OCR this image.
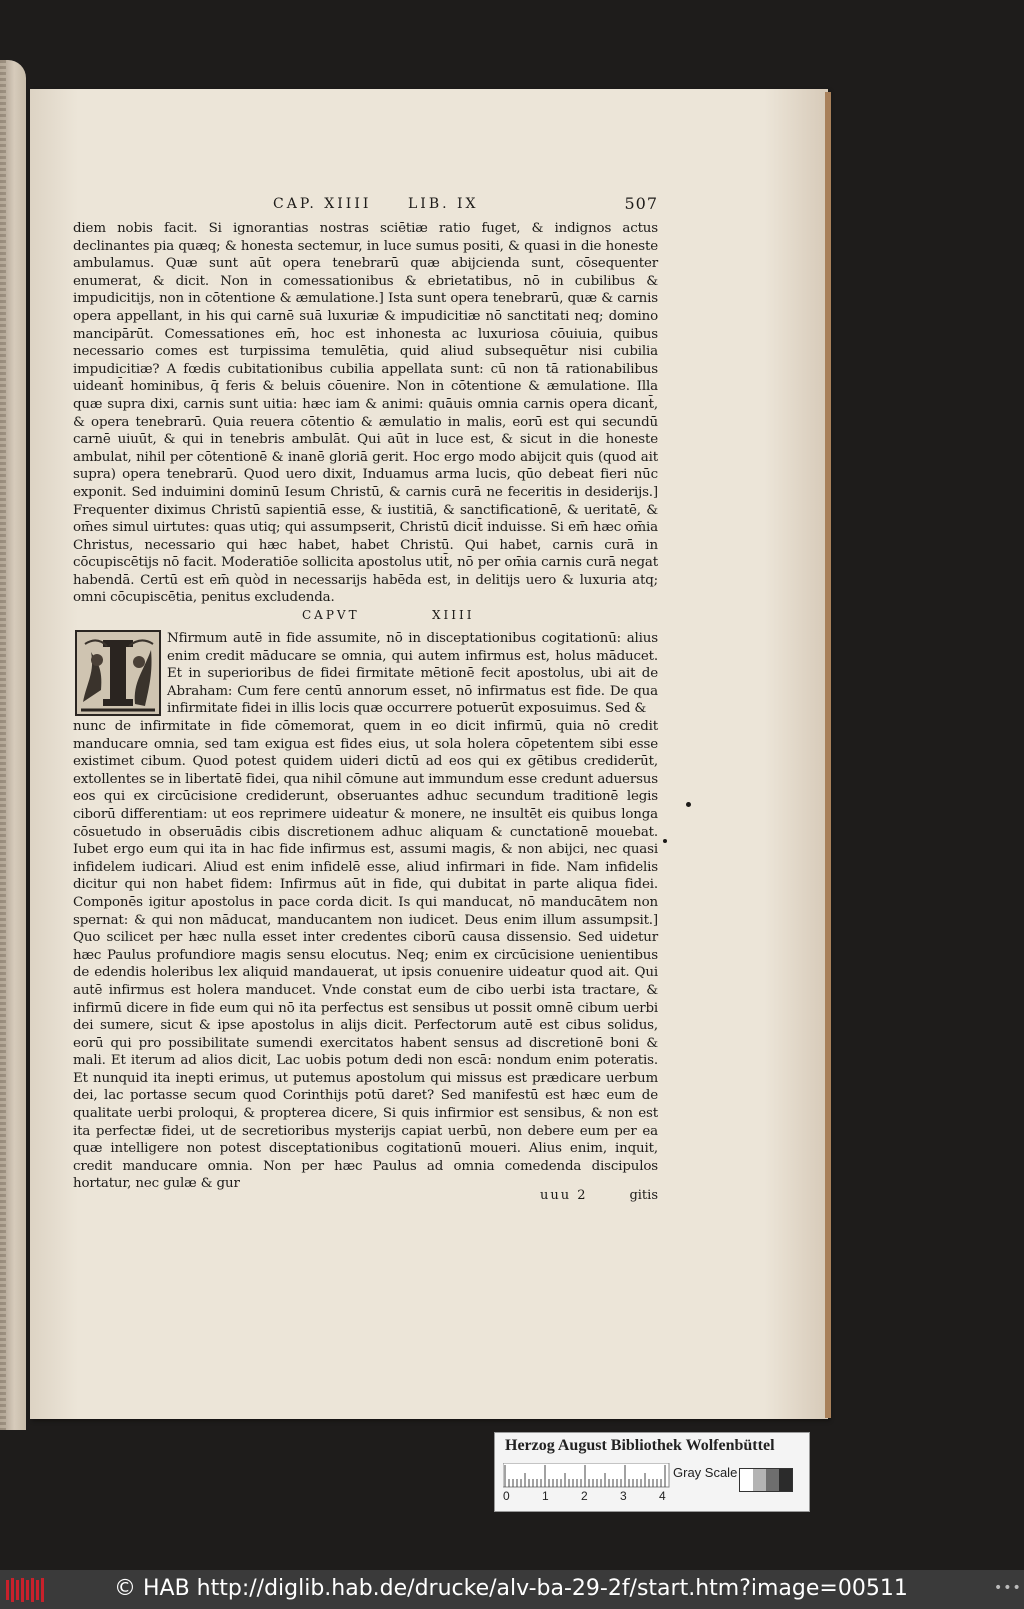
CAP. XIIII	LIB. IX	507
diem nobis facit. Si ignorantias nostras sciētiæ ratio fuget, & indignos actus declinantes pia quæq; & honesta sectemur, in luce sumus positi, & quasi in die honeste ambulamus. Quæ sunt aūt opera tenebrarū quæ abijcienda sunt, cōsequenter enumerat, & dicit. Non in comessationibus & ebrietatibus, nō in cubilibus & impudicitijs, non in cōtentione & æmulatione.] Ista sunt opera tenebrarū, quæ & carnis opera appellant, in his qui carnē suā luxuriæ & impudicitiæ nō sanctitati neq; domino mancipārūt. Comessationes em̄, hoc est inhonesta ac luxuriosa cōuiuia, quibus necessario comes est turpissima temulētia, quid aliud subsequētur nisi cubilia impudicitiæ? A fœdis cubitationibus cubilia appellata sunt: cū non tā rationabilibus uideant̄ hominibus, q̄ feris & beluis cōuenire. Non in cōtentione & æmulatione. Illa quæ supra dixi, carnis sunt uitia: hæc iam & animi: quāuis omnia carnis opera dicant̄, & opera tenebrarū. Quia reuera cōtentio & æmulatio in malis, eorū est qui secundū carnē uiuūt, & qui in tenebris ambulāt. Qui aūt in luce est, & sicut in die honeste ambulat, nihil per cōtentionē & inanē gloriā gerit. Hoc ergo modo abijcit quis (quod ait supra) opera tenebrarū. Quod uero dixit, Induamus arma lucis, qūo debeat fieri nūc exponit. Sed induimini dominū Iesum Christū, & carnis curā ne feceritis in desiderijs.] Frequenter diximus Christū sapientiā esse, & iustitiā, & sanctificationē, & ueritatē, & om̄es simul uirtutes: quas utiq; qui assumpserit, Christū dicit̄ induisse. Si em̄ hæc om̄ia Christus, necessario qui hæc habet, habet Christū. Qui habet, carnis curā in cōcupiscētijs nō facit. Moderatiōe sollicita apostolus utit̄, nō per om̄ia carnis curā negat habendā. Certū est em̄ quòd in necessarijs habēda est, in delitijs uero & luxuria atq; omni cōcupiscētia, penitus excludenda.
CAPVT	XIIII
Nfirmum autē in fide assumite, nō in disceptationibus cogitationū: alius enim credit māducare se omnia, qui autem infirmus est, holus māducet. Et in superioribus de fidei firmitate mētionē fecit apostolus, ubi ait de Abraham: Cum fere centū annorum esset, nō infirmatus est fide. De qua infirmitate fidei in illis locis quæ occurrere potuerūt exposuimus. Sed &
nunc de infirmitate in fide cōmemorat, quem in eo dicit infirmū, quia nō credit manducare omnia, sed tam exigua est fides eius, ut sola holera cōpetentem sibi esse existimet cibum. Quod potest quidem uideri dictū ad eos qui ex gētibus crediderūt, extollentes se in libertatē fidei, qua nihil cōmune aut immundum esse credunt aduersus eos qui ex circūcisione crediderunt, obseruantes adhuc secundum traditionē legis ciborū differentiam: ut eos reprimere uideatur & monere, ne insultēt eis quibus longa cōsuetudo in obseruādis cibis discretionem adhuc aliquam & cunctationē mouebat. Iubet ergo eum qui ita in hac fide infirmus est, assumi magis, & non abijci, nec quasi infidelem iudicari. Aliud est enim infidelē esse, aliud infirmari in fide. Nam infidelis dicitur qui non habet fidem: Infirmus aūt in fide, qui dubitat in parte aliqua fidei. Componēs igitur apostolus in pace corda dicit. Is qui manducat, nō manducātem non spernat: & qui non māducat, manducantem non iudicet. Deus enim illum assumpsit.] Quo scilicet per hæc nulla esset inter credentes ciborū causa dissensio. Sed uidetur hæc Paulus profundiore magis sensu elocutus. Neq; enim ex circūcisione uenientibus de edendis holeribus lex aliquid mandauerat, ut ipsis conuenire uideatur quod ait. Qui autē infirmus est holera manducet. Vnde constat eum de cibo uerbi ista tractare, & infirmū dicere in fide eum qui nō ita perfectus est sensibus ut possit omnē cibum uerbi dei sumere, sicut & ipse apostolus in alijs dicit. Perfectorum autē est cibus solidus, eorū qui pro possibilitate sumendi exercitatos habent sensus ad discretionē boni & mali. Et iterum ad alios dicit, Lac uobis potum dedi non escā: nondum enim poteratis. Et nunquid ita inepti erimus, ut putemus apostolum qui missus est prædicare uerbum dei, lac portasse secum quod Corinthijs potū daret? Sed manifestū est hæc eum de qualitate uerbi proloqui, & propterea dicere, Si quis infirmior est sensibus, & non est ita perfectæ fidei, ut de secretioribus mysterijs capiat uerbū, non debere eum per ea quæ intelligere non potest disceptationibus cogitationū moueri. Alius enim, inquit, credit manducare omnia. Non per hæc Paulus ad omnia comedenda discipulos hortatur, nec gulæ & gur
uuu 2	gitis
Herzog August Bibliothek Wolfenbüttel
0	1	2	3	4
Gray Scale
© HAB http://diglib.hab.de/drucke/alv-ba-29-2f/start.htm?image=00511	•••
